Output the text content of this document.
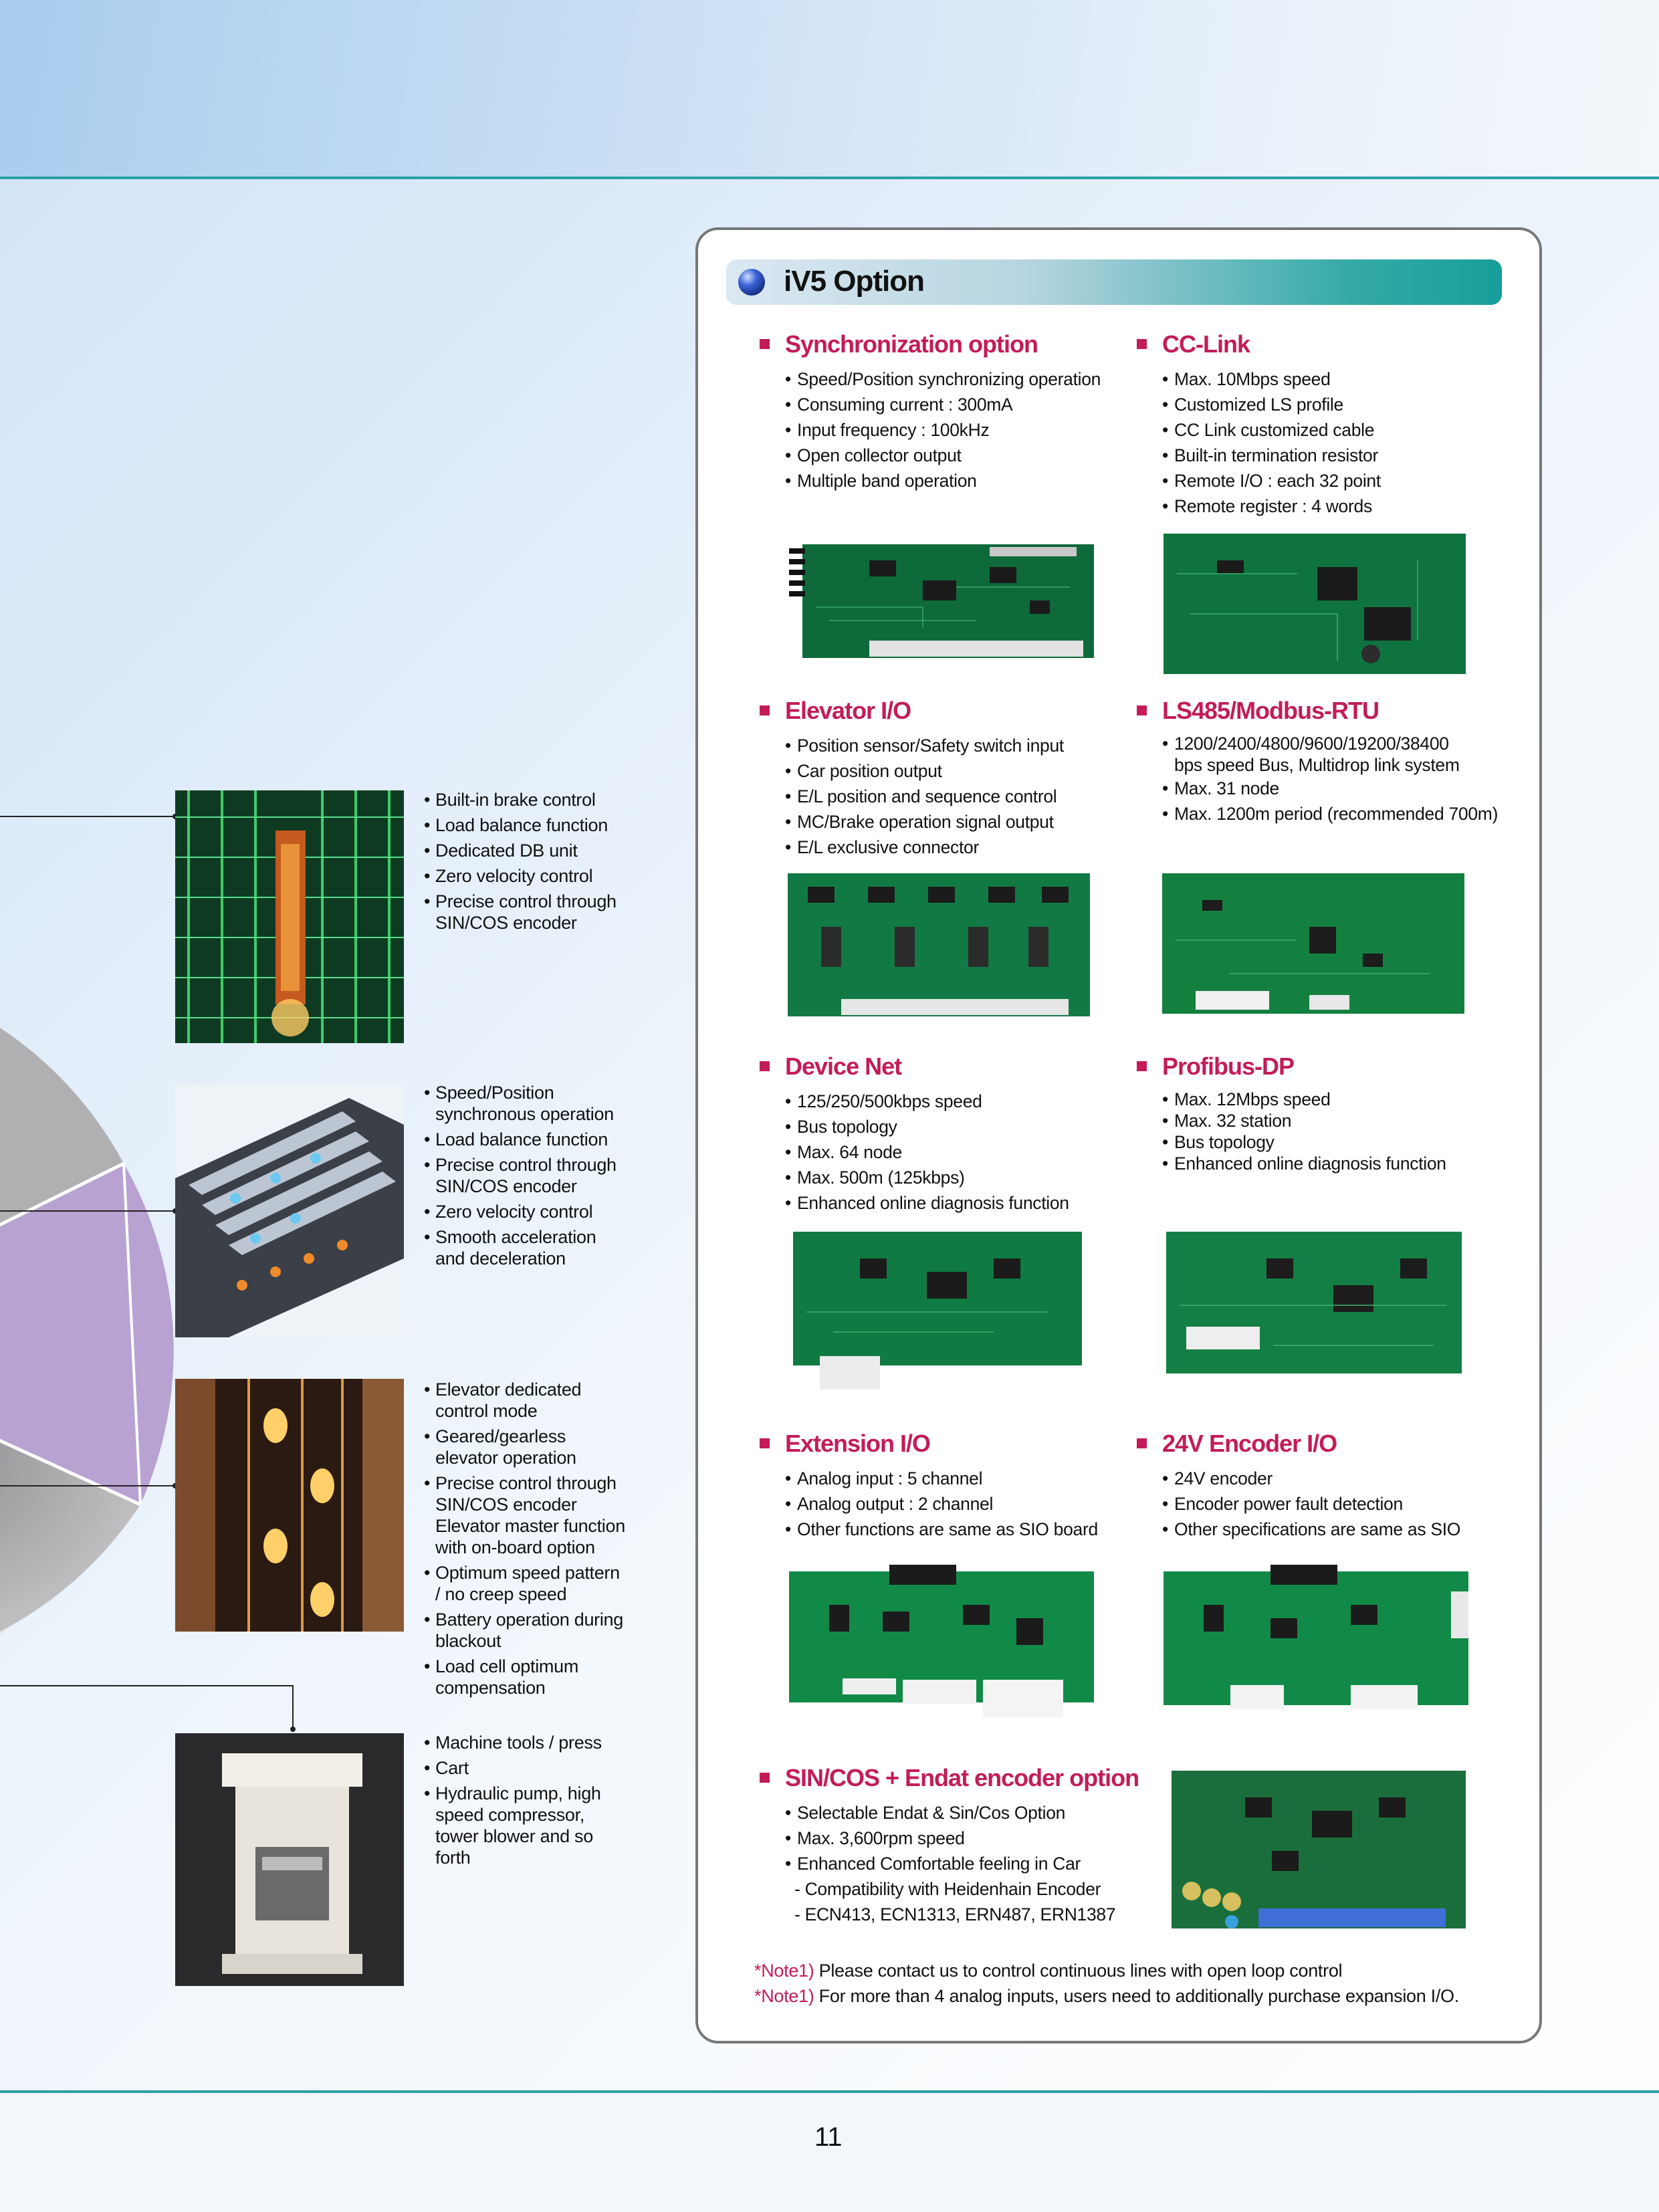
• Built-in brake control
• Load balance function
• Dedicated DB unit
• Zero velocity control
• Precise control through
SIN/COS encoder
• Speed/Position
synchronous operation
• Load balance function
• Precise control through
SIN/COS encoder
• Zero velocity control
• Smooth acceleration
and deceleration
• Elevator dedicated
control mode
• Geared/gearless
elevator operation
• Precise control through
SIN/COS encoder
Elevator master function
with on-board option
• Optimum speed pattern
/ no creep speed
• Battery operation during
blackout
• Load cell optimum
compensation
• Machine tools / press
• Cart
• Hydraulic pump, high
speed compressor,
tower blower and so
forth
iV5 Option
Synchronization option
• Speed/Position synchronizing operation
• Consuming current : 300mA
• Input frequency : 100kHz
• Open collector output
• Multiple band operation
CC-Link
• Max. 10Mbps speed
• Customized LS profile
• CC Link customized cable
• Built-in termination resistor
• Remote I/O : each 32 point
• Remote register : 4 words
Elevator I/O
• Position sensor/Safety switch input
• Car position output
• E/L position and sequence control
• MC/Brake operation signal output
• E/L exclusive connector
LS485/Modbus-RTU
• 1200/2400/4800/9600/19200/38400
bps speed Bus, Multidrop link system
• Max. 31 node
• Max. 1200m period (recommended 700m)
Device Net
• 125/250/500kbps speed
• Bus topology
• Max. 64 node
• Max. 500m (125kbps)
• Enhanced online diagnosis function
Profibus-DP
• Max. 12Mbps speed
• Max. 32 station
• Bus topology
• Enhanced online diagnosis function
Extension I/O
• Analog input : 5 channel
• Analog output : 2 channel
• Other functions are same as SIO board
24V Encoder I/O
• 24V encoder
• Encoder power fault detection
• Other specifications are same as SIO
SIN/COS + Endat encoder option
• Selectable Endat & Sin/Cos Option
• Max. 3,600rpm speed
• Enhanced Comfortable feeling in Car
- Compatibility with Heidenhain Encoder
- ECN413, ECN1313, ERN487, ERN1387
*Note1) Please contact us to control continuous lines with open loop control
*Note1) For more than 4 analog inputs, users need to additionally purchase expansion I/O.
11
